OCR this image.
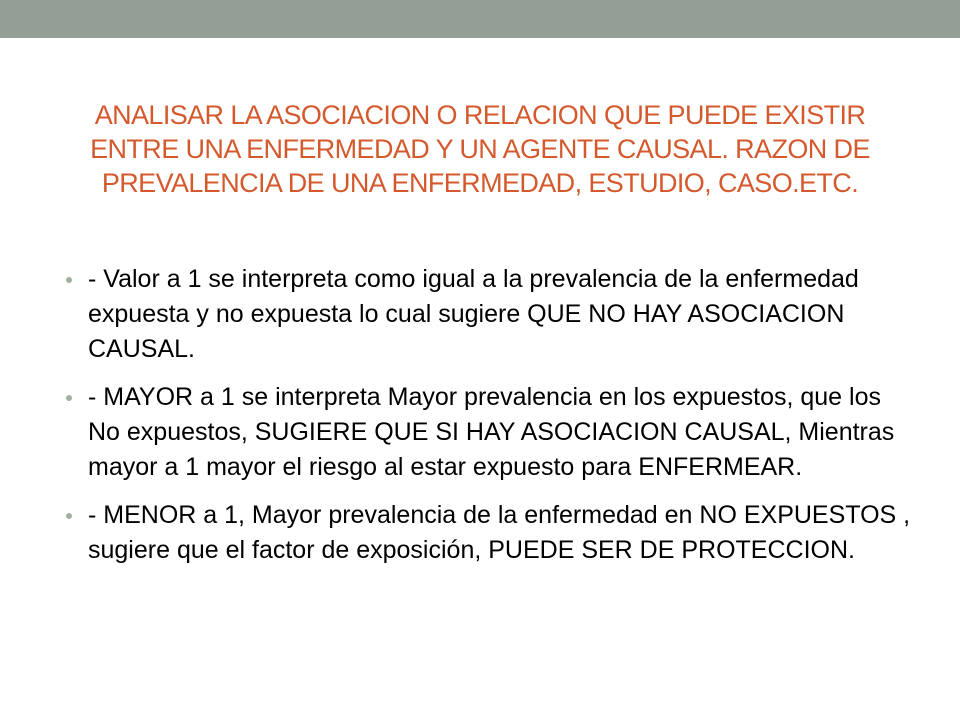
ANALISAR LA ASOCIACION O RELACION QUE PUEDE EXISTIR ENTRE UNA ENFERMEDAD Y UN AGENTE CAUSAL. RAZON DE PREVALENCIA DE UNA ENFERMEDAD, ESTUDIO, CASO.ETC.
- Valor a 1 se interpreta como igual a la prevalencia de la enfermedad expuesta y no expuesta lo cual sugiere QUE NO HAY ASOCIACION CAUSAL.
- MAYOR a 1 se interpreta Mayor prevalencia en los expuestos, que los No expuestos, SUGIERE QUE SI HAY ASOCIACION CAUSAL, Mientras mayor a 1 mayor el riesgo al estar expuesto para ENFERMEAR.
- MENOR a 1, Mayor prevalencia de la enfermedad en NO EXPUESTOS , sugiere que el factor de exposición, PUEDE SER DE PROTECCION.
